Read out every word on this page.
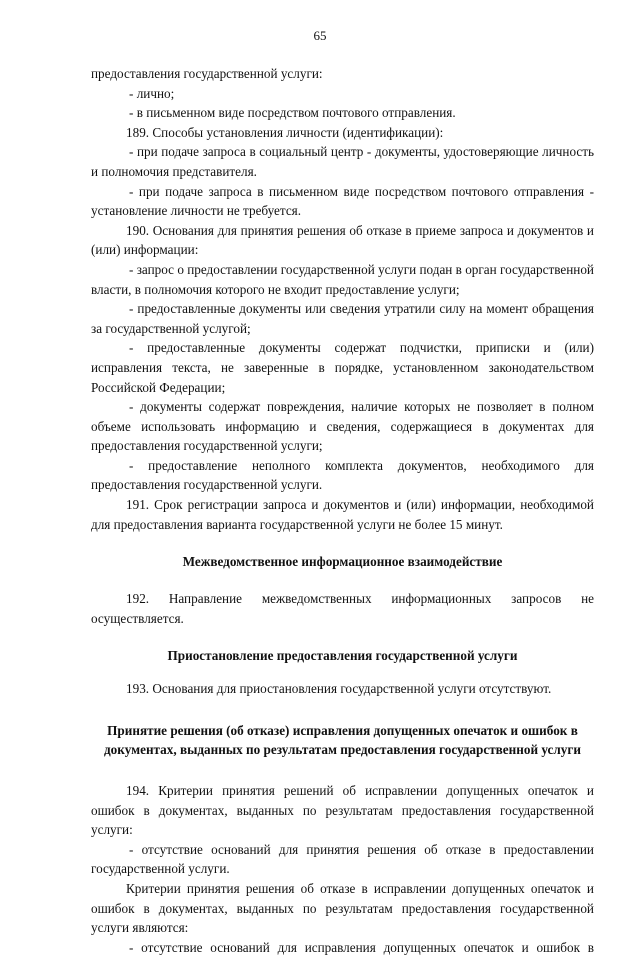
65

предоставления государственной услуги:

- лично;

- в письменном виде посредством почтового отправления.

189. Способы установления личности (идентификации):

- при подаче запроса в социальный центр - документы, удостоверяющие личность и полномочия представителя.

- при подаче запроса в письменном виде посредством почтового отправления - установление личности не требуется.

190. Основания для принятия решения об отказе в приеме запроса и документов и (или) информации:

- запрос о предоставлении государственной услуги подан в орган государственной власти, в полномочия которого не входит предоставление услуги;

- предоставленные документы или сведения утратили силу на момент обращения за государственной услугой;

- предоставленные документы содержат подчистки, приписки и (или) исправления текста, не заверенные в порядке, установленном законодательством Российской Федерации;

- документы содержат повреждения, наличие которых не позволяет в полном объеме использовать информацию и сведения, содержащиеся в документах для предоставления государственной услуги;

- предоставление неполного комплекта документов, необходимого для предоставления государственной услуги.

191. Срок регистрации запроса и документов и (или) информации, необходимой для предоставления варианта государственной услуги не более 15 минут.

Межведомственное информационное взаимодействие

192. Направление межведомственных информационных запросов не

осуществляется.

Приостановление предоставления государственной услуги

193. Основания для приостановления государственной услуги отсутствуют.

Принятие решения (об отказе) исправления допущенных опечаток и ошибок в

документах, выданных по результатам предоставления государственной услуги

194. Критерии принятия решений об исправлении допущенных опечаток и ошибок в документах, выданных по результатам предоставления государственной услуги:

- отсутствие оснований для принятия решения об отказе в предоставлении государственной услуги.

Критерии принятия решения об отказе в исправлении допущенных опечаток и ошибок в документах, выданных по результатам предоставления государственной услуги являются:

- отсутствие оснований для исправления допущенных опечаток и ошибок в
